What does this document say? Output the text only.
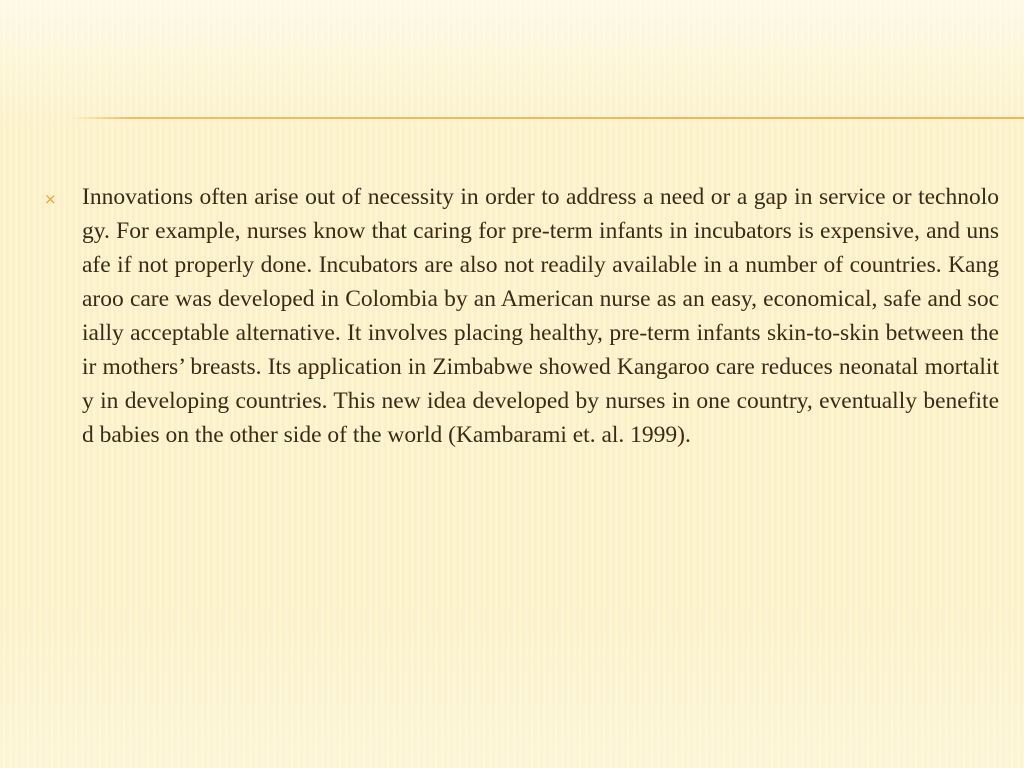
×	Innovations often arise out of necessity in order to address a need or a gap in service or technology. For example, nurses know that caring for pre-term infants in incubators is expensive, and unsafe if not properly done. Incubators are also not readily available in a number of countries. Kangaroo care was developed in Colombia by an American nurse as an easy, economical, safe and socially acceptable alternative. It involves placing healthy, pre-term infants skin-to-skin between their mothers’ breasts. Its application in Zimbabwe showed Kangaroo care reduces neonatal mortality in developing countries. This new idea developed by nurses in one country, eventually benefited babies on the other side of the world (Kambarami et. al. 1999).
